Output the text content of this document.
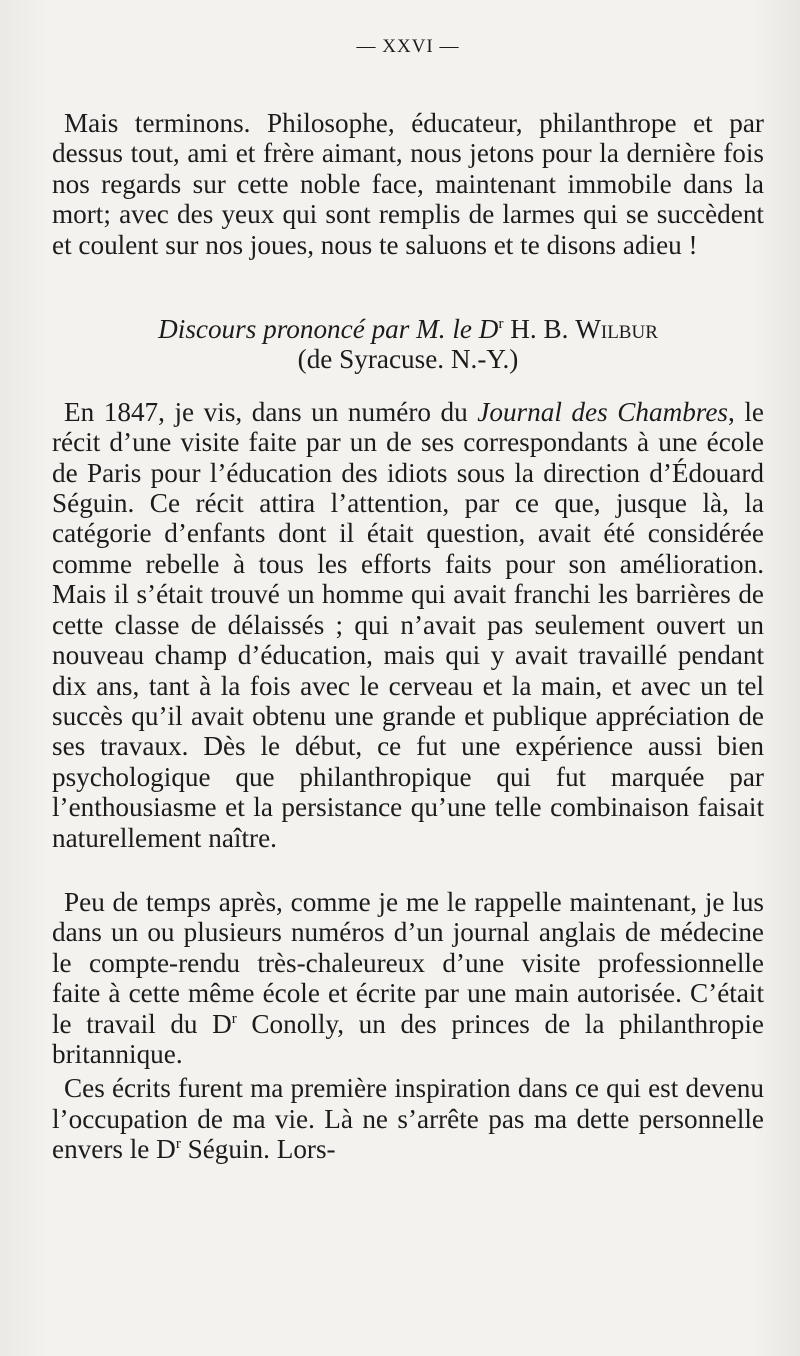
— XXVI —

Mais terminons. Philosophe, éducateur, philanthrope et par dessus tout, ami et frère aimant, nous jetons pour la dernière fois nos regards sur cette noble face, maintenant immobile dans la mort; avec des yeux qui sont remplis de larmes qui se succèdent et coulent sur nos joues, nous te saluons et te disons adieu !

Discours prononcé par M. le $D^r$ H. B. Wilbur
(de Syracuse. N.-Y.)

En 1847, je vis, dans un numéro du Journal des Chambres, le récit d’une visite faite par un de ses correspondants à une école de Paris pour l’éducation des idiots sous la direction d’Édouard Séguin. Ce récit attira l’attention, par ce que, jusque là, la catégorie d’enfants dont il était question, avait été considérée comme rebelle à tous les efforts faits pour son amélioration. Mais il s’était trouvé un homme qui avait franchi les barrières de cette classe de délaissés ; qui n’avait pas seulement ouvert un nouveau champ d’éducation, mais qui y avait travaillé pendant dix ans, tant à la fois avec le cerveau et la main, et avec un tel succès qu’il avait obtenu une grande et publique appréciation de ses travaux. Dès le début, ce fut une expérience aussi bien psychologique que philanthropique qui fut marquée par l’enthousiasme et la persistance qu’une telle combinaison faisait naturellement naître.

Peu de temps après, comme je me le rappelle maintenant, je lus dans un ou plusieurs numéros d’un journal anglais de médecine le compte-rendu très-chaleureux d’une visite professionnelle faite à cette même école et écrite par une main autorisée. C’était le travail du $D^r$ Conolly, un des princes de la philanthropie britannique.

Ces écrits furent ma première inspiration dans ce qui est devenu l’occupation de ma vie. Là ne s’arrête pas ma dette personnelle envers le $D^r$ Séguin. Lors-
